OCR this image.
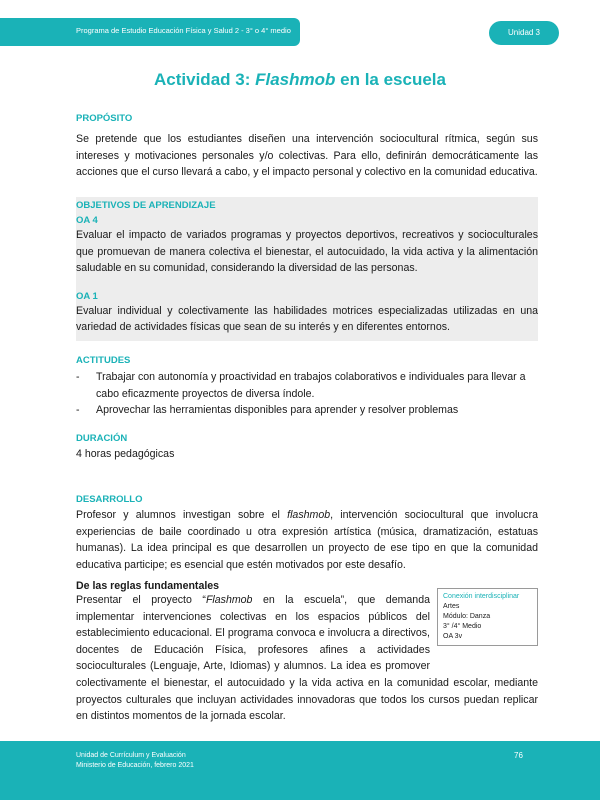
Programa de Estudio Educación Física y Salud 2 - 3° o 4° medio	Unidad 3
Actividad 3: Flashmob en la escuela
PROPÓSITO
Se pretende que los estudiantes diseñen una intervención sociocultural rítmica, según sus intereses y motivaciones personales y/o colectivas. Para ello, definirán democráticamente las acciones que el curso llevará a cabo, y el impacto personal y colectivo en la comunidad educativa.
OBJETIVOS DE APRENDIZAJE
OA 4
Evaluar el impacto de variados programas y proyectos deportivos, recreativos y socioculturales que promuevan de manera colectiva el bienestar, el autocuidado, la vida activa y la alimentación saludable en su comunidad, considerando la diversidad de las personas.
OA 1
Evaluar individual y colectivamente las habilidades motrices especializadas utilizadas en una variedad de actividades físicas que sean de su interés y en diferentes entornos.
ACTITUDES
- Trabajar con autonomía y proactividad en trabajos colaborativos e individuales para llevar a cabo eficazmente proyectos de diversa índole.
- Aprovechar las herramientas disponibles para aprender y resolver problemas
DURACIÓN
4 horas pedagógicas
DESARROLLO
Profesor y alumnos investigan sobre el flashmob, intervención sociocultural que involucra experiencias de baile coordinado u otra expresión artística (música, dramatización, estatuas humanas). La idea principal es que desarrollen un proyecto de ese tipo en que la comunidad educativa participe; es esencial que estén motivados por este desafío.
De las reglas fundamentales
Presentar el proyecto “Flashmob en la escuela”, que demanda implementar intervenciones colectivas en los espacios públicos del establecimiento educacional. El programa convoca e involucra a directivos, docentes de Educación Física, profesores afines a actividades socioculturales (Lenguaje, Arte, Idiomas) y alumnos. La idea es promover colectivamente el bienestar, el autocuidado y la vida activa en la comunidad escolar, mediante proyectos culturales que incluyan actividades innovadoras que todos los cursos puedan replicar en distintos momentos de la jornada escolar.
Conexión interdisciplinar
Artes
Módulo: Danza
3° /4° Medio
OA 3v
Unidad de Currículum y Evaluación
Ministerio de Educación, febrero 2021
76
